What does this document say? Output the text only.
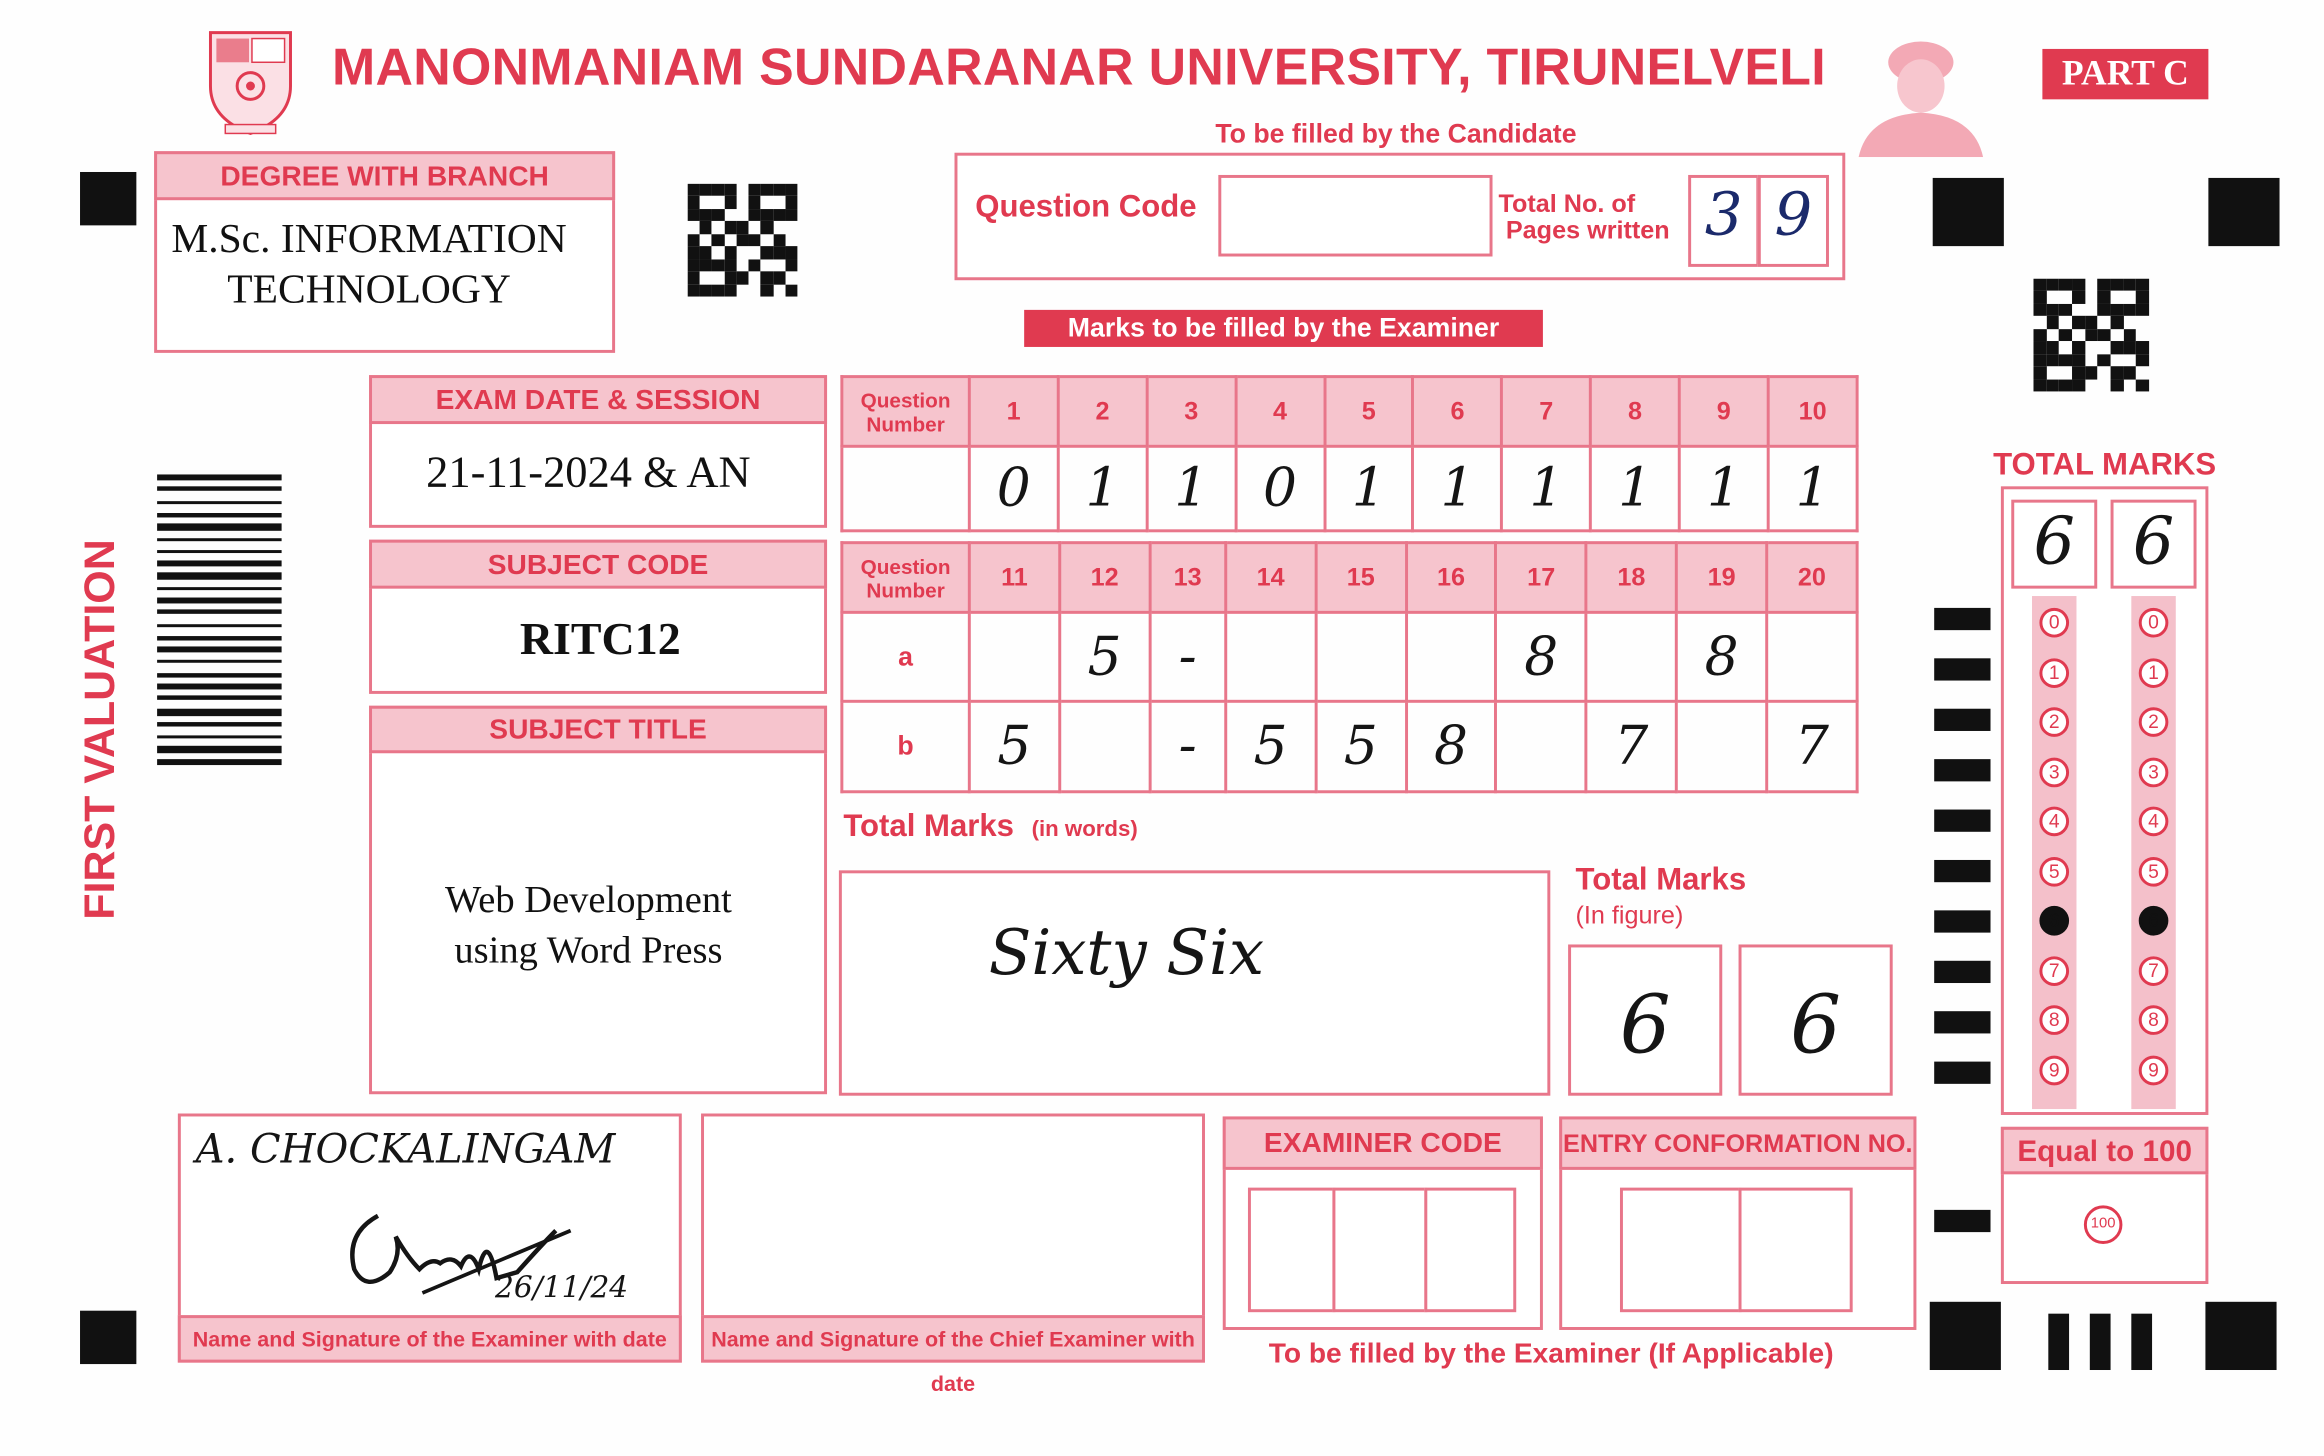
MANONMANIAM SUNDARANAR UNIVERSITY, TIRUNELVELI	PART C
To be filled by the Candidate
DEGREE WITH BRANCH
M.Sc. INFORMATION
TECHNOLOGY
Question Code	Total No. of
Pages written 3 9
Marks to be filled by the Examiner
FIRST VALUATION
EXAM DATE & SESSION
21-11-2024 & AN
SUBJECT CODE
RITC12
SUBJECT TITLE
Web Development
using Word Press
Question Number	1	2	3	4	5	6	7	8	9	10
	0	1	1	0	1	1	1	1	1	1
Question Number	11	12	13	14	15	16	17	18	19	20
a		5	-				8		8	
b	5		-	5	5	8		7		7
Total Marks (in words)
Sixty Six
Total Marks
(In figure)
6	6
TOTAL MARKS
6	6
0
1
2
3
4
5
6
7
8
9
0
1
2
3
4
5
6
7
8
9
Equal to 100
100
A. CHOCKALINGAM
26/11/24
Name and Signature of the Examiner with date	Name and Signature of the Chief Examiner with date
EXAMINER CODE	ENTRY CONFORMATION NO.
To be filled by the Examiner (If Applicable)
